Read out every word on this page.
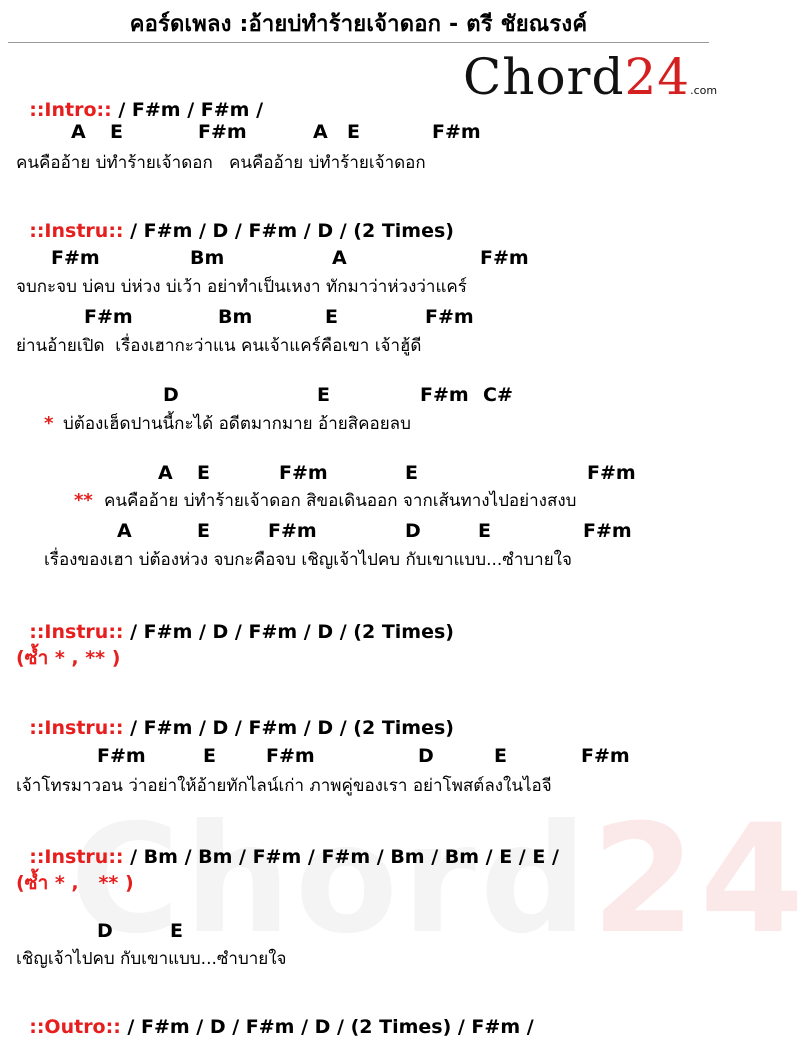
คอร์ดเพลง :อ้ายบ่ทำร้ายเจ้าดอก - ตรี ชัยณรงค์
Chord24.com
24

::Intro:: / F#m / F#m /

A E	F#m	A E	F#m
คนคืออ้าย บ่ทำร้ายเจ้าดอก   คนคืออ้าย บ่ทำร้ายเจ้าดอก

::Instru:: / F#m / D / F#m / D / (2 Times)

F#m	Bm	A	F#m
จบกะจบ บ่คบ บ่ห่วง บ่เว้า อย่าทำเป็นเหงา ทักมาว่าห่วงว่าแคร์
F#m	Bm	E	F#m
ย่านอ้ายเปิด  เรื่องเฮากะว่าแน คนเจ้าแคร์คือเขา เจ้าฮู้ดี
D	E	F#m C#
* บ่ต้องเฮ็ดปานนี้กะได้ อดีตมากมาย อ้ายสิคอยลบ
A E	F#m	E	F#m
** คนคืออ้าย บ่ทำร้ายเจ้าดอก สิขอเดินออก จากเส้นทางไปอย่างสงบ
A	E	F#m	D	E	F#m
เรื่องของเฮา บ่ต้องห่วง จบกะคือจบ เชิญเจ้าไปคบ กับเขาแบบ...ซำบายใจ

::Instru:: / F#m / D / F#m / D / (2 Times)

(ซ้ำ * , ** )

::Instru:: / F#m / D / F#m / D / (2 Times)

F#m	E	F#m	D	E	F#m
เจ้าโทรมาวอน ว่าอย่าให้อ้ายทักไลน์เก่า ภาพคู่ของเรา อย่าโพสต์ลงในไอจี

::Instru:: / Bm / Bm / F#m / F#m / Bm / Bm / E / E /

(ซ้ำ * ,   ** )
D	E
เชิญเจ้าไปคบ กับเขาแบบ...ซำบายใจ

::Outro:: / F#m / D / F#m / D / (2 Times) / F#m /
